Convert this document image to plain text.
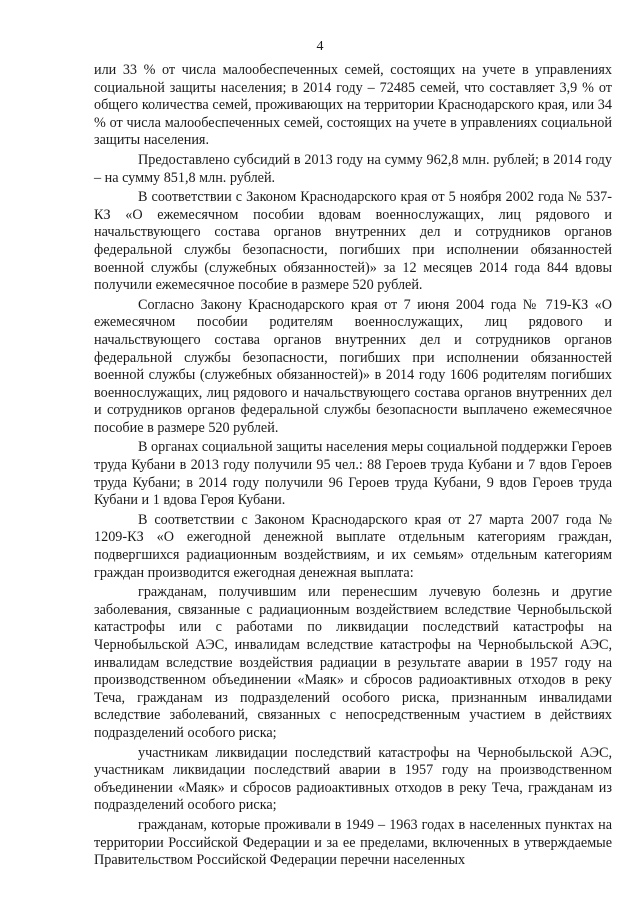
4

или 33 % от числа малообеспеченных семей, состоящих на учете в управлениях социальной защиты населения; в 2014 году – 72485 семей, что составляет 3,9 % от общего количества семей, проживающих на территории Краснодарского края, или 34 % от числа малообеспеченных семей, состоящих на учете в управлениях социальной защиты населения.

Предоставлено субсидий в 2013 году на сумму 962,8 млн. рублей; в 2014 году – на сумму 851,8 млн. рублей.

В соответствии с Законом Краснодарского края от 5 ноября 2002 года № 537-КЗ «О ежемесячном пособии вдовам военнослужащих, лиц рядового и начальствующего состава органов внутренних дел и сотрудников органов федеральной службы безопасности, погибших при исполнении обязанностей военной службы (служебных обязанностей)» за 12 месяцев 2014 года 844 вдовы получили ежемесячное пособие в размере 520 рублей.

Согласно Закону Краснодарского края от 7 июня 2004 года № 719-КЗ «О ежемесячном пособии родителям военнослужащих, лиц рядового и начальствующего состава органов внутренних дел и сотрудников органов федеральной службы безопасности, погибших при исполнении обязанностей военной службы (служебных обязанностей)» в 2014 году 1606 родителям погибших военнослужащих, лиц рядового и начальствующего состава органов внутренних дел и сотрудников органов федеральной службы безопасности выплачено ежемесячное пособие в размере 520 рублей.

В органах социальной защиты населения меры социальной поддержки Героев труда Кубани в 2013 году получили 95 чел.: 88 Героев труда Кубани и 7 вдов Героев труда Кубани; в 2014 году получили 96 Героев труда Кубани, 9 вдов Героев труда Кубани и 1 вдова Героя Кубани.

В соответствии с Законом Краснодарского края от 27 марта 2007 года № 1209-КЗ «О ежегодной денежной выплате отдельным категориям граждан, подвергшихся радиационным воздействиям, и их семьям» отдельным категориям граждан производится ежегодная денежная выплата:

гражданам, получившим или перенесшим лучевую болезнь и другие заболевания, связанные с радиационным воздействием вследствие Чернобыльской катастрофы или с работами по ликвидации последствий катастрофы на Чернобыльской АЭС, инвалидам вследствие катастрофы на Чернобыльской АЭС, инвалидам вследствие воздействия радиации в результате аварии в 1957 году на производственном объединении «Маяк» и сбросов радиоактивных отходов в реку Теча, гражданам из подразделений особого риска, признанным инвалидами вследствие заболеваний, связанных с непосредственным участием в действиях подразделений особого риска;

участникам ликвидации последствий катастрофы на Чернобыльской АЭС, участникам ликвидации последствий аварии в 1957 году на производственном объединении «Маяк» и сбросов радиоактивных отходов в реку Теча, гражданам из подразделений особого риска;

гражданам, которые проживали в 1949 – 1963 годах в населенных пунктах на территории Российской Федерации и за ее пределами, включенных в утверждаемые Правительством Российской Федерации перечни населенных
